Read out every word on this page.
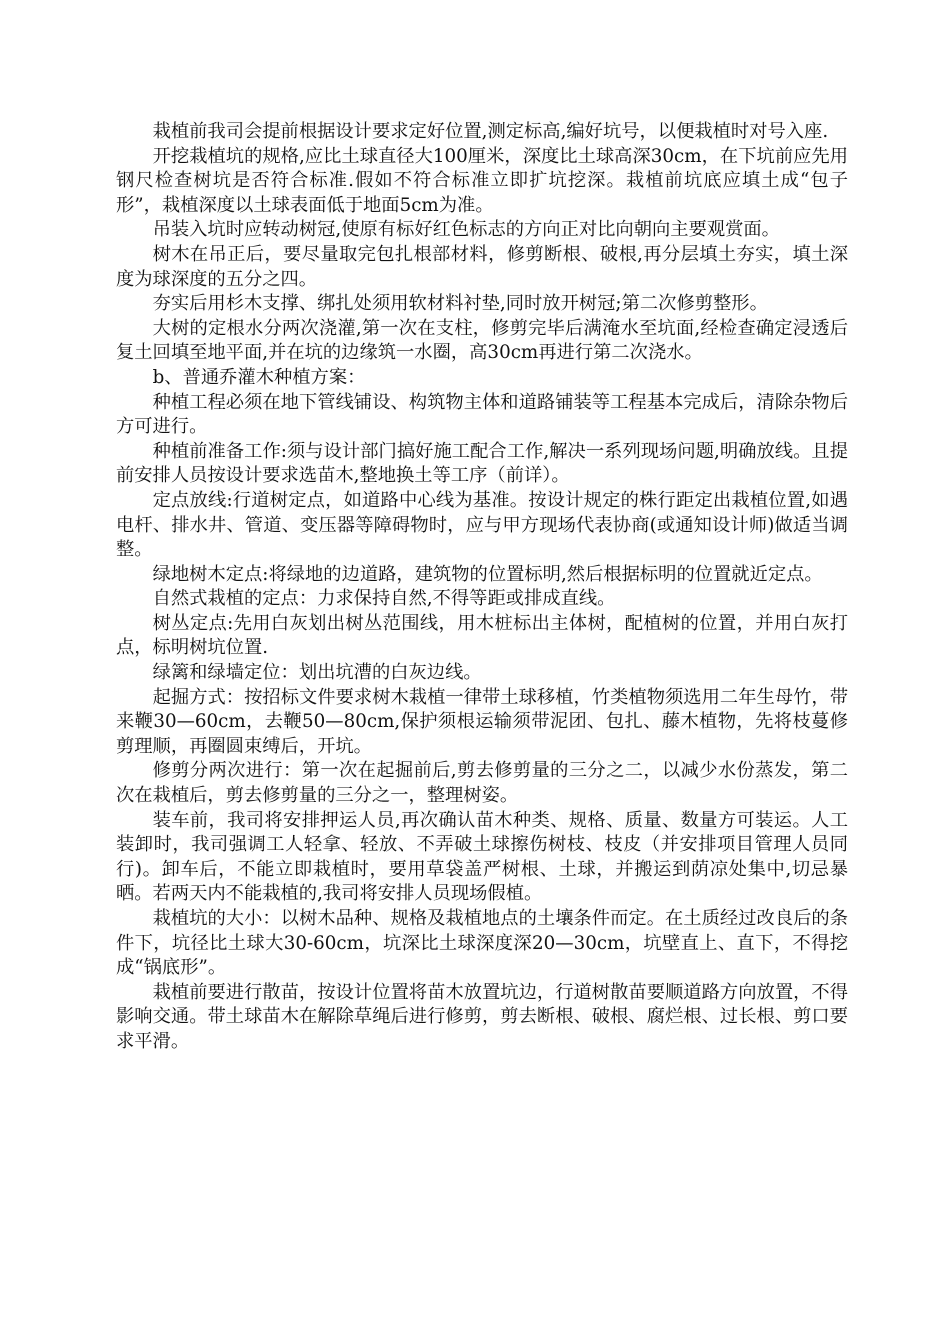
栽植前我司会提前根据设计要求定好位置,测定标高,编好坑号，以便栽植时对号入座.

开挖栽植坑的规格,应比土球直径大100厘米，深度比土球高深30cm，在下坑前应先用钢尺检查树坑是否符合标准.假如不符合标准立即扩坑挖深。栽植前坑底应填土成“包子形”，栽植深度以土球表面低于地面5cm为准。

吊装入坑时应转动树冠,使原有标好红色标志的方向正对比向朝向主要观赏面。

树木在吊正后，要尽量取完包扎根部材料，修剪断根、破根,再分层填土夯实，填土深度为球深度的五分之四。

夯实后用杉木支撑、绑扎处须用软材料衬垫,同时放开树冠;第二次修剪整形。

大树的定根水分两次浇灌,第一次在支柱，修剪完毕后满淹水至坑面,经检查确定浸透后复土回填至地平面,并在坑的边缘筑一水圈，高30cm再进行第二次浇水。

b、普通乔灌木种植方案：

种植工程必须在地下管线铺设、构筑物主体和道路铺装等工程基本完成后，清除杂物后方可进行。

种植前准备工作:须与设计部门搞好施工配合工作,解决一系列现场问题,明确放线。且提前安排人员按设计要求选苗木,整地换土等工序（前详）。

定点放线:行道树定点，如道路中心线为基准。按设计规定的株行距定出栽植位置,如遇电杆、排水井、管道、变压器等障碍物时，应与甲方现场代表协商(或通知设计师)做适当调整。

绿地树木定点:将绿地的边道路，建筑物的位置标明,然后根据标明的位置就近定点。

自然式栽植的定点：力求保持自然,不得等距或排成直线。

树丛定点:先用白灰划出树丛范围线，用木桩标出主体树，配植树的位置，并用白灰打点，标明树坑位置.

绿篱和绿墙定位：划出坑漕的白灰边线。

起掘方式：按招标文件要求树木栽植一律带土球移植，竹类植物须选用二年生母竹，带来鞭30—60cm，去鞭50—80cm,保护须根运输须带泥团、包扎、藤木植物，先将枝蔓修剪理顺，再圈圆束缚后，开坑。

修剪分两次进行：第一次在起掘前后,剪去修剪量的三分之二，以减少水份蒸发，第二次在栽植后，剪去修剪量的三分之一，整理树姿。

装车前，我司将安排押运人员,再次确认苗木种类、规格、质量、数量方可装运。人工装卸时，我司强调工人轻拿、轻放、不弄破土球擦伤树枝、枝皮（并安排项目管理人员同行)。卸车后，不能立即栽植时，要用草袋盖严树根、土球，并搬运到荫凉处集中,切忌暴晒。若两天内不能栽植的,我司将安排人员现场假植。

栽植坑的大小：以树木品种、规格及栽植地点的土壤条件而定。在土质经过改良后的条件下，坑径比土球大30-60cm，坑深比土球深度深20—30cm，坑壁直上、直下，不得挖成“锅底形”。

栽植前要进行散苗，按设计位置将苗木放置坑边，行道树散苗要顺道路方向放置，不得影响交通。带土球苗木在解除草绳后进行修剪，剪去断根、破根、腐烂根、过长根、剪口要求平滑。
